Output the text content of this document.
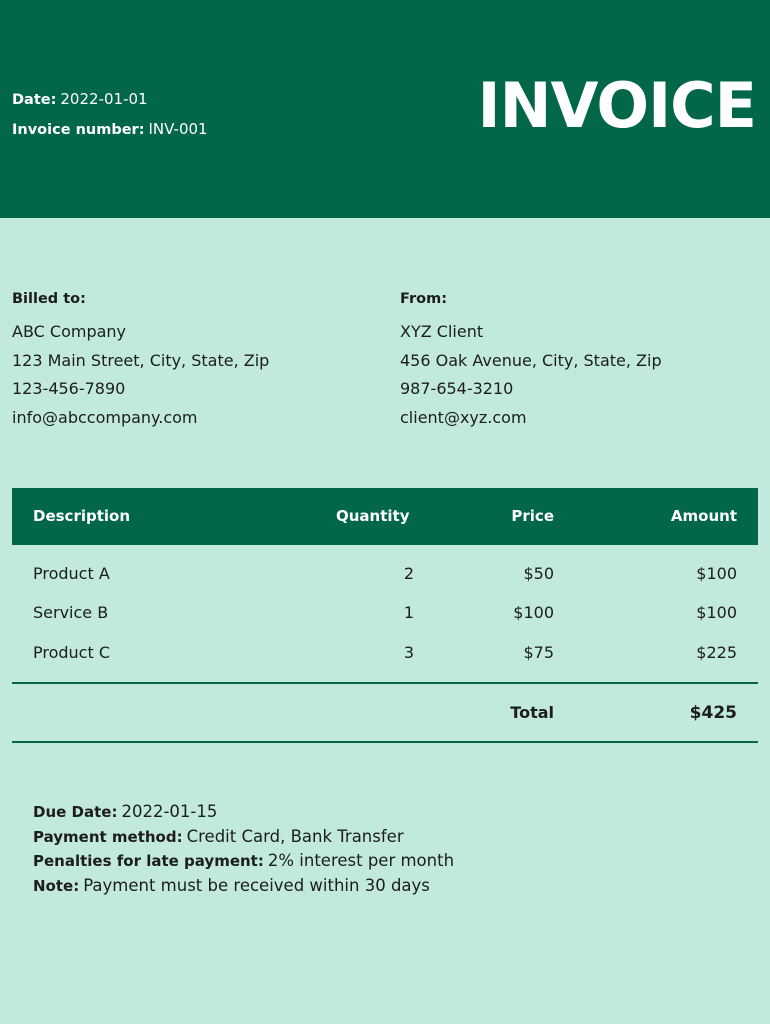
Date: 2022-01-01
Invoice number: INV-001	INVOICE
Billed to:
ABC Company
123 Main Street, City, State, Zip
123-456-7890
info@abccompany.com
From:
XYZ Client
456 Oak Avenue, City, State, Zip
987-654-3210
client@xyz.com
Description	Quantity	Price	Amount
Product A	2	$50	$100
Service B	1	$100	$100
Product C	3	$75	$225
Total	$425
Due Date: 2022-01-15
Payment method: Credit Card, Bank Transfer
Penalties for late payment: 2% interest per month
Note: Payment must be received within 30 days
